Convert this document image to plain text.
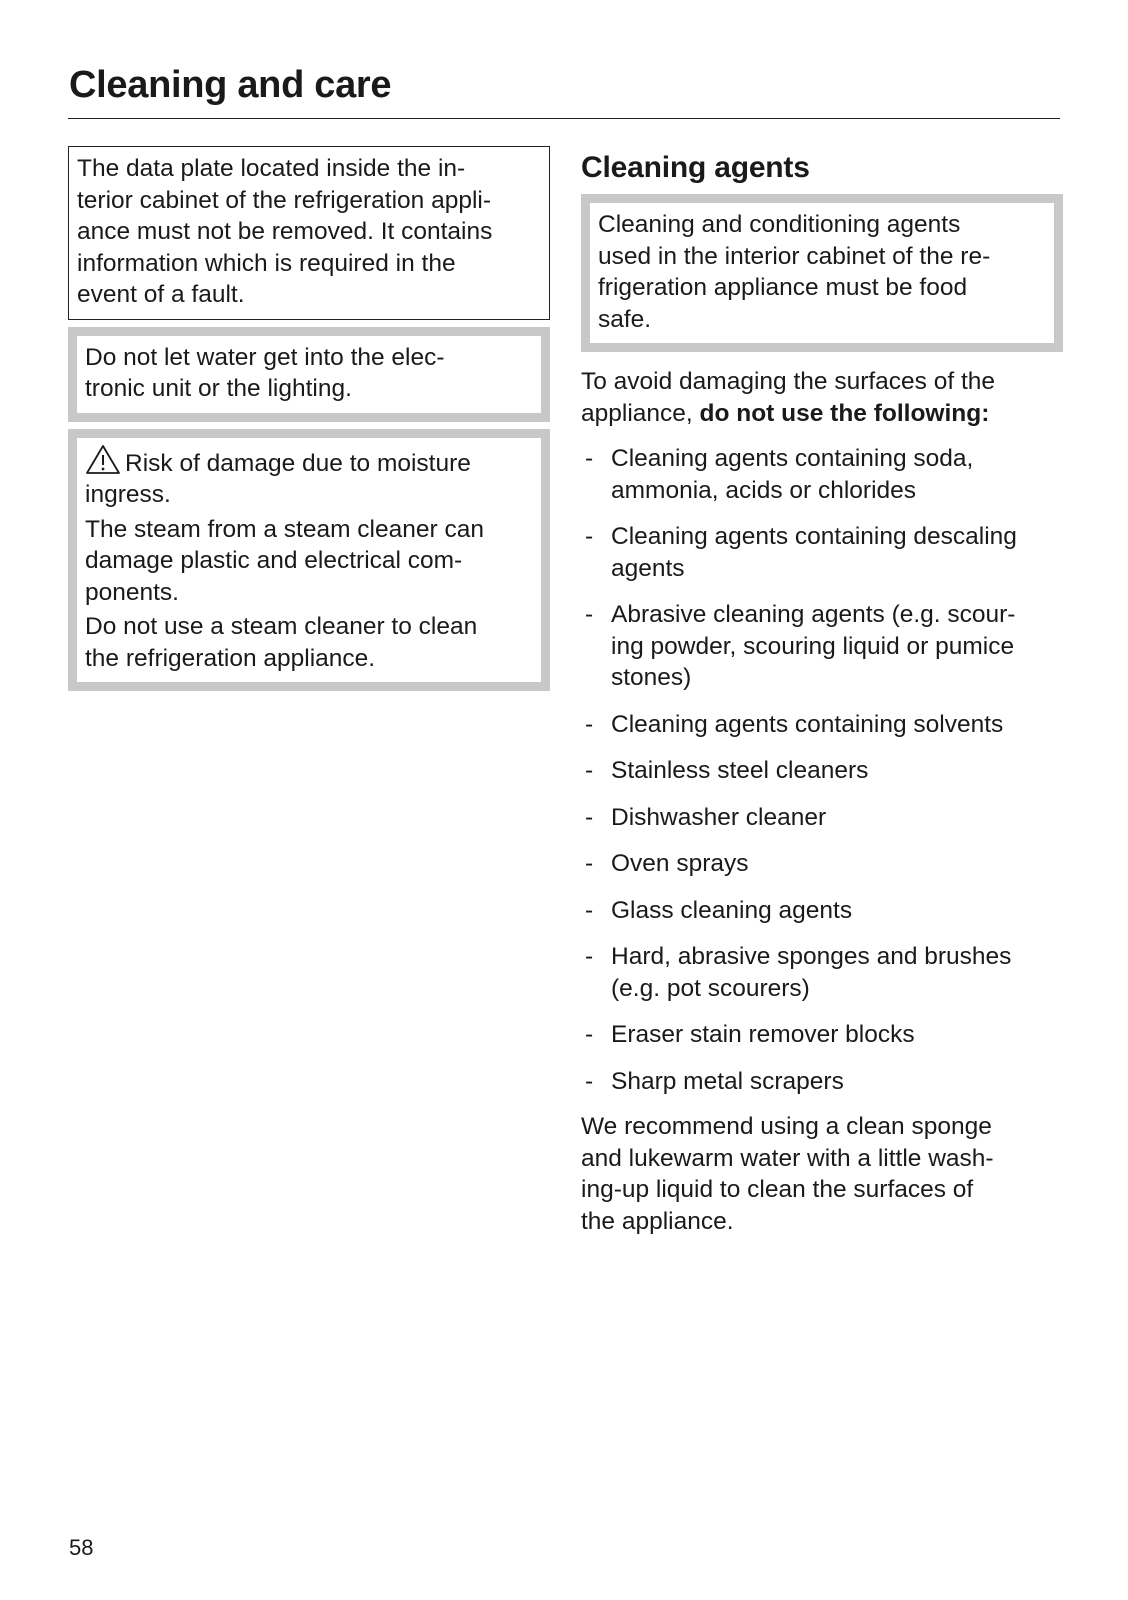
Cleaning and care

The data plate located inside the in-
terior cabinet of the refrigeration appli-
ance must not be removed. It contains
information which is required in the
event of a fault.

Do not let water get into the elec-
tronic unit or the lighting.

Risk of damage due to moisture
ingress.

The steam from a steam cleaner can
damage plastic and electrical com-
ponents.

Do not use a steam cleaner to clean
the refrigeration appliance.

Cleaning agents

Cleaning and conditioning agents
used in the interior cabinet of the re-
frigeration appliance must be food
safe.

To avoid damaging the surfaces of the
appliance, do not use the following:

- Cleaning agents containing soda,
ammonia, acids or chlorides
- Cleaning agents containing descaling
agents
- Abrasive cleaning agents (e.g. scour-
ing powder, scouring liquid or pumice
stones)
- Cleaning agents containing solvents
- Stainless steel cleaners
- Dishwasher cleaner
- Oven sprays
- Glass cleaning agents
- Hard, abrasive sponges and brushes
(e.g. pot scourers)
- Eraser stain remover blocks
- Sharp metal scrapers

We recommend using a clean sponge
and lukewarm water with a little wash-
ing-up liquid to clean the surfaces of
the appliance.

58
